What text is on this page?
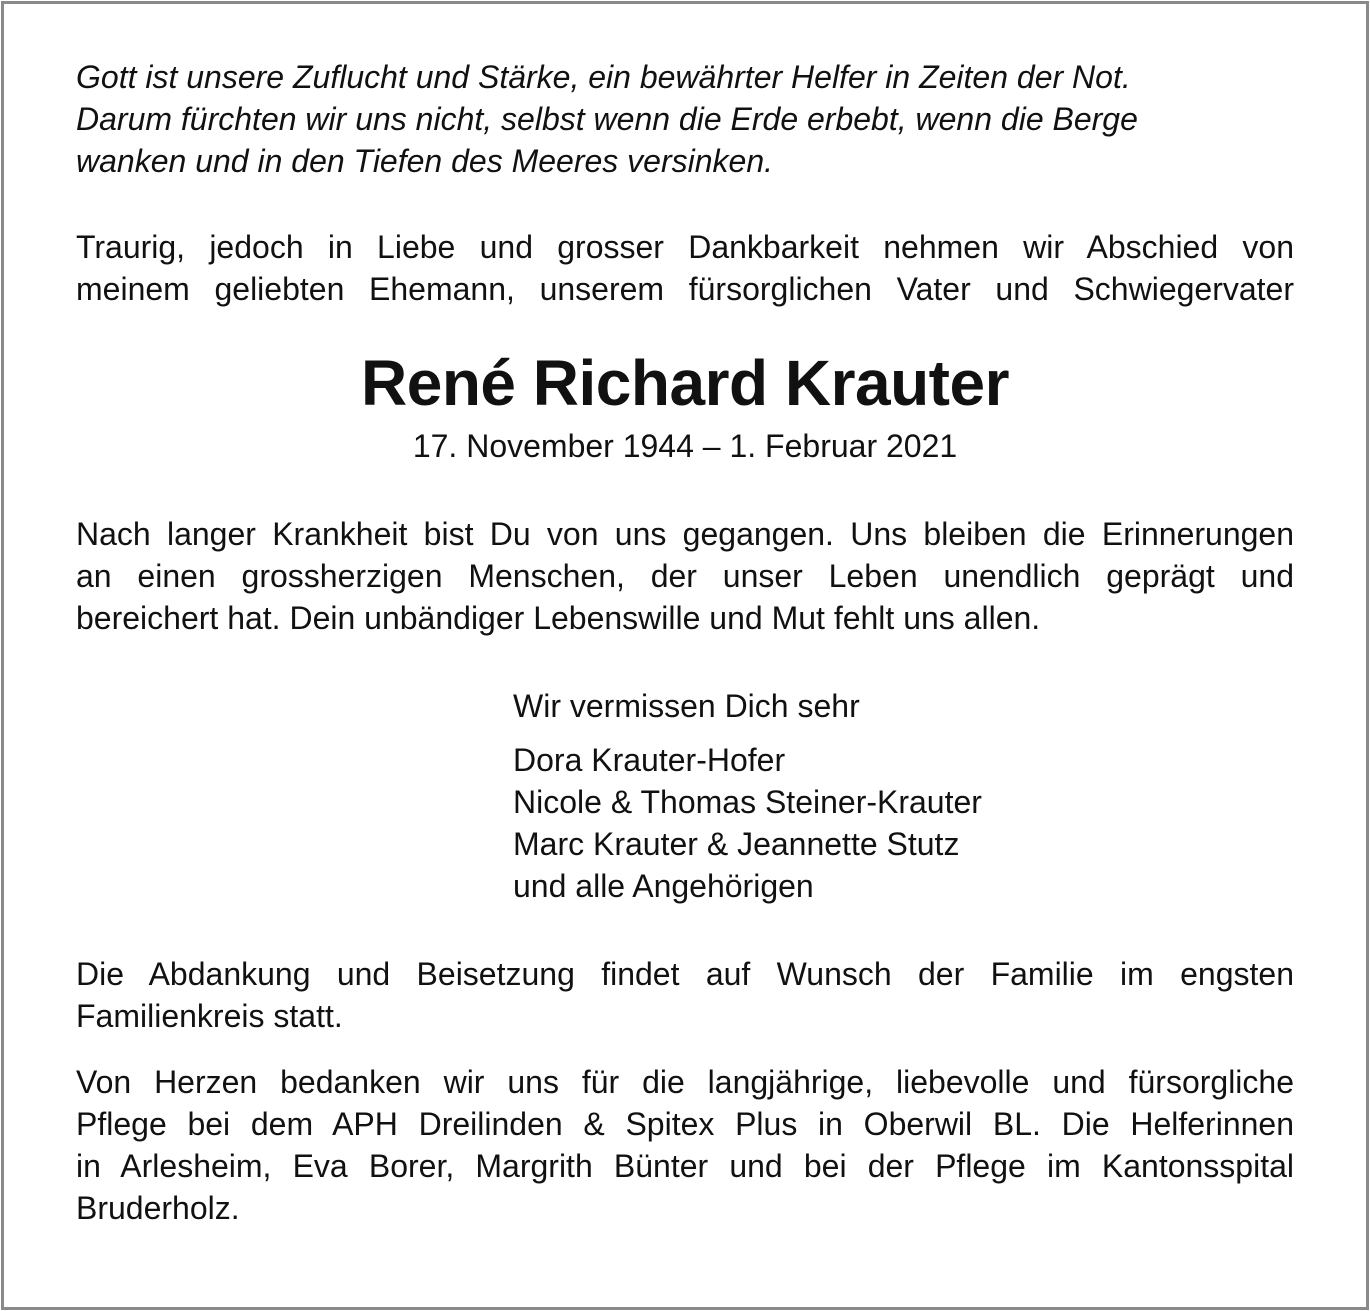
Gott ist unsere Zuflucht und Stärke, ein bewährter Helfer in Zeiten der Not.
Darum fürchten wir uns nicht, selbst wenn die Erde erbebt, wenn die Berge
wanken und in den Tiefen des Meeres versinken.

Traurig, jedoch in Liebe und grosser Dankbarkeit nehmen wir Abschied von
meinem geliebten Ehemann, unserem fürsorglichen Vater und Schwiegervater

René Richard Krauter

17. November 1944 – 1. Februar 2021

Nach langer Krankheit bist Du von uns gegangen. Uns bleiben die Erinnerungen
an einen grossherzigen Menschen, der unser Leben unendlich geprägt und
bereichert hat. Dein unbändiger Lebenswille und Mut fehlt uns allen.

Wir vermissen Dich sehr
Dora Krauter-Hofer
Nicole & Thomas Steiner-Krauter
Marc Krauter & Jeannette Stutz
und alle Angehörigen

Die Abdankung und Beisetzung findet auf Wunsch der Familie im engsten
Familienkreis statt.

Von Herzen bedanken wir uns für die langjährige, liebevolle und fürsorgliche
Pflege bei dem APH Dreilinden & Spitex Plus in Oberwil BL. Die Helferinnen
in Arlesheim, Eva Borer, Margrith Bünter und bei der Pflege im Kantonsspital
Bruderholz.
